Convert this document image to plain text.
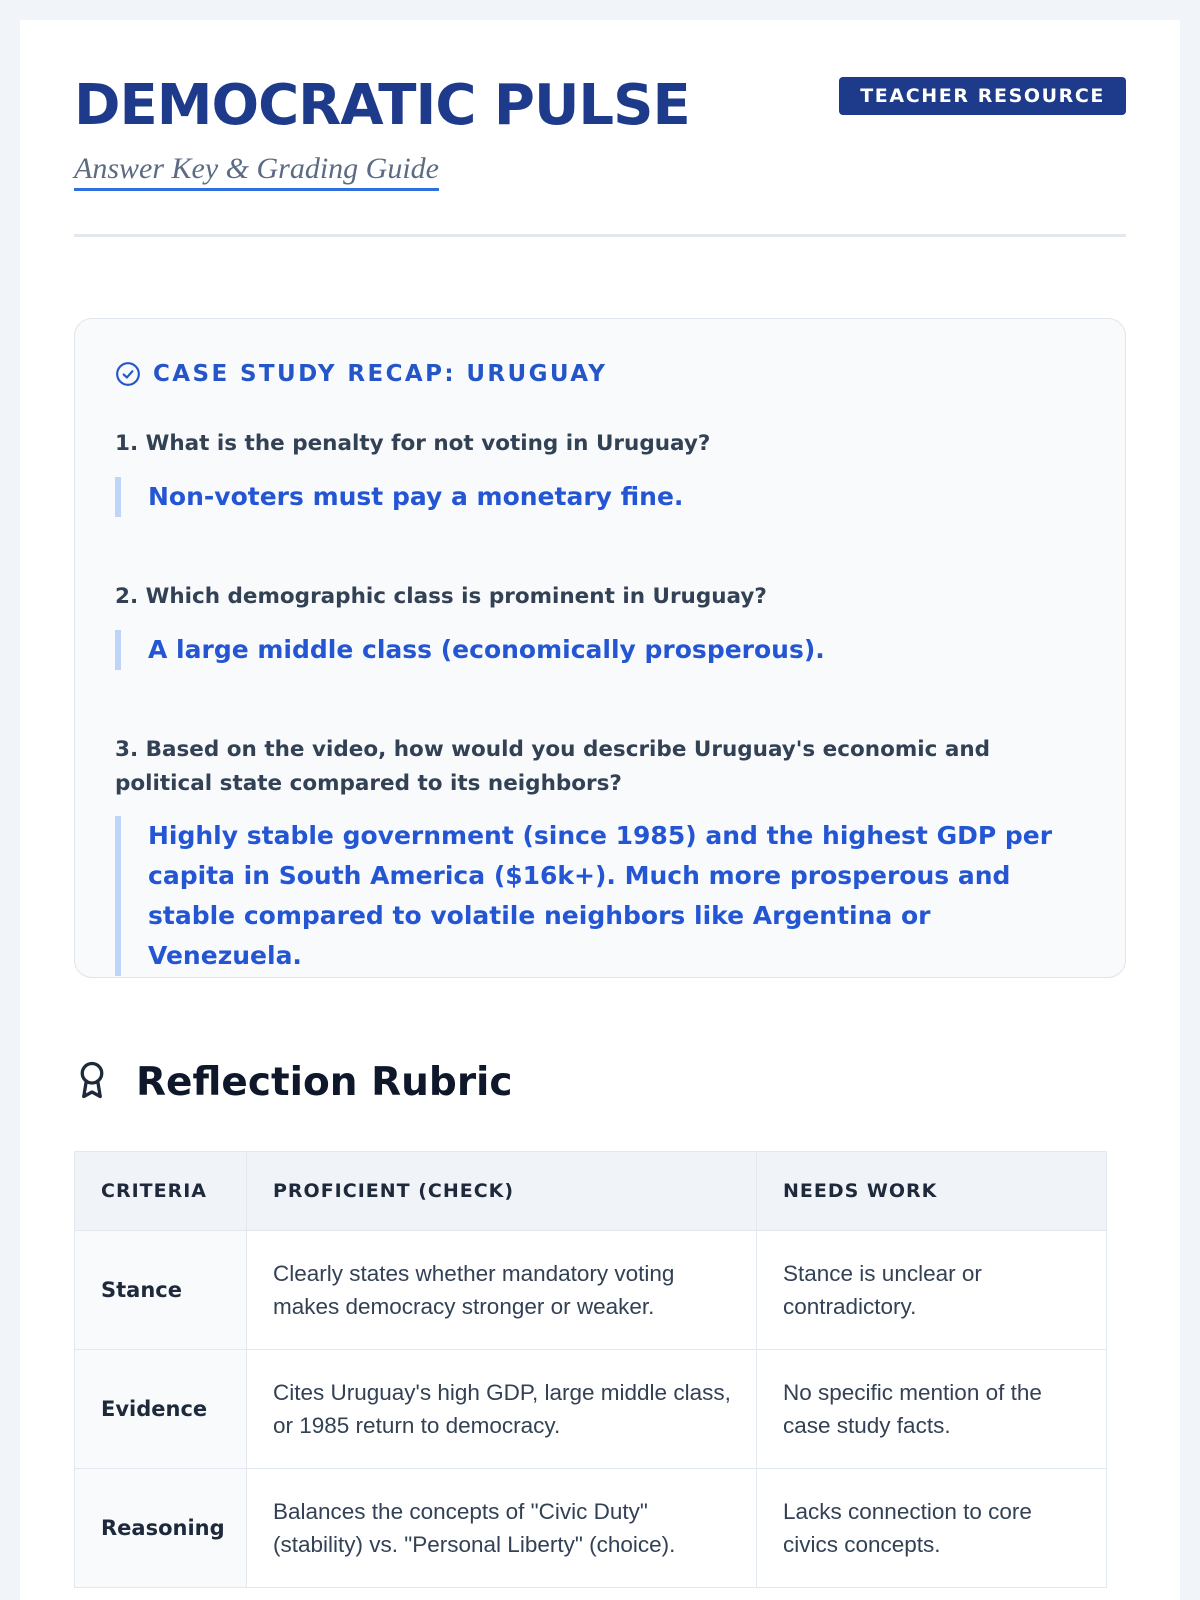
DEMOCRATIC PULSE
Answer Key & Grading Guide
TEACHER RESOURCE
CASE STUDY RECAP: URUGUAY
1. What is the penalty for not voting in Uruguay?
Non-voters must pay a monetary fine.
2. Which demographic class is prominent in Uruguay?
A large middle class (economically prosperous).
3. Based on the video, how would you describe Uruguay's economic and political state compared to its neighbors?
Highly stable government (since 1985) and the highest GDP per capita in South America ($16k+). Much more prosperous and stable compared to volatile neighbors like Argentina or Venezuela.
Reflection Rubric
CRITERIA	PROFICIENT (CHECK)	NEEDS WORK
Stance	Clearly states whether mandatory voting makes democracy stronger or weaker.	Stance is unclear or contradictory.
Evidence	Cites Uruguay's high GDP, large middle class, or 1985 return to democracy.	No specific mention of the case study facts.
Reasoning	Balances the concepts of "Civic Duty" (stability) vs. "Personal Liberty" (choice).	Lacks connection to core civics concepts.
